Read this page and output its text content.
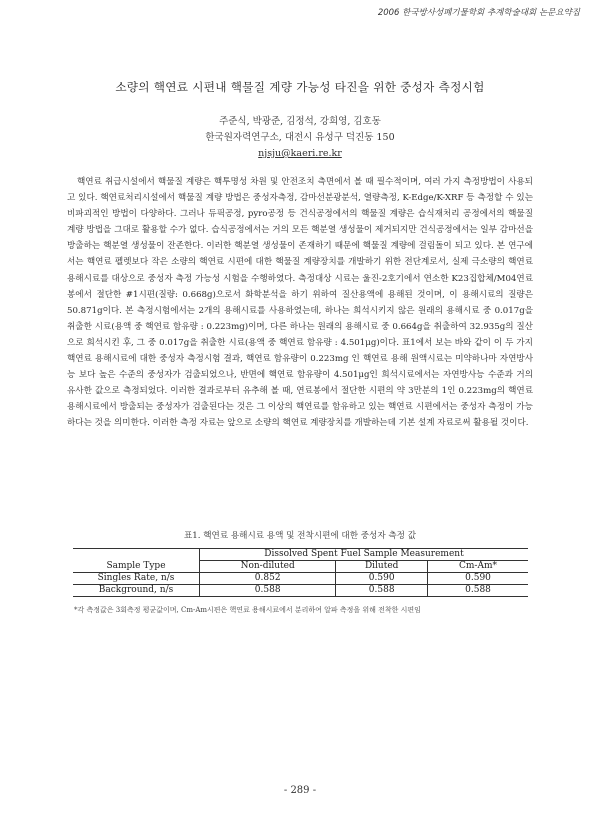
2006 한국방사성폐기물학회 추계학술대회 논문요약집
소량의 핵연료 시편내 핵물질 계량 가능성 타진을 위한 중성자 측정시험
주준식, 박광준, 김정석, 강희영, 김호동
한국원자력연구소, 대전시 유성구 덕진동 150
njsju@kaeri.re.kr

핵연료 취급시설에서 핵물질 계량은 핵투명성 차원 및 안전조치 측면에서 볼 때 필수적이며, 여러 가지 측정방법이 사용되고 있다. 핵연료처리시설에서 핵물질 계량 방법은 중성자측정, 감마선분광분석, 열량측정, K-Edge/K-XRF 등 측정할 수 있는 비파괴적인 방법이 다양하다. 그러나 듀픽공정, pyro공정 등 건식공정에서의 핵물질 계량은 습식재처리 공정에서의 핵물질 계량 방법을 그대로 활용할 수가 없다. 습식공정에서는 거의 모든 핵분열 생성물이 제거되지만 건식공정에서는 일부 감마선을 방출하는 핵분열 생성물이 잔존한다. 이러한 핵분열 생성물이 존재하기 때문에 핵물질 계량에 걸림돌이 되고 있다. 본 연구에서는 핵연료 펠렛보다 작은 소량의 핵연료 시편에 대한 핵물질 계량장치를 개발하기 위한 전단계로서, 실제 극소량의 핵연료 용해시료를 대상으로 중성자 측정 가능성 시험을 수행하였다. 측정대상 시료는 울진-2호기에서 연소한 K23집합체/M04연료봉에서 절단한 #1시편(질량: 0.668g)으로서 화학분석을 하기 위하여 질산용액에 용해된 것이며, 이 용해시료의 질량은 50.871g이다. 본 측정시험에서는 2개의 용해시료를 사용하였는데, 하나는 희석시키지 않은 원래의 용해시료 중 0.017g을 취출한 시료(용액 중 핵연료 함유량 : 0.223mg)이며, 다른 하나는 원래의 용해시료 중 0.664g을 취출하여 32.935g의 질산으로 희석시킨 후, 그 중 0.017g을 취출한 시료(용액 중 핵연료 함유량 : 4.501μg)이다. 표1에서 보는 바와 같이 이 두 가지 핵연료 용해시료에 대한 중성자 측정시험 결과, 핵연료 함유량이 0.223mg 인 핵연료 용해 원액시료는 미약하나마 자연방사능 보다 높은 수준의 중성자가 검출되었으나, 반면에 핵연료 함유량이 4.501μg인 희석시료에서는 자연방사능 수준과 거의 유사한 값으로 측정되었다. 이러한 결과로부터 유추해 볼 때, 연료봉에서 절단한 시편의 약 3만분의 1인 0.223mg의 핵연료 용해시료에서 방출되는 중성자가 검출된다는 것은 그 이상의 핵연료를 함유하고 있는 핵연료 시편에서는 중성자 측정이 가능하다는 것을 의미한다. 이러한 측정 자료는 앞으로 소량의 핵연료 계량장치를 개발하는데 기본 설계 자료로써 활용될 것이다.

표1. 핵연료 용해시료 용액 및 전착시편에 대한 중성자 측정 값
	Dissolved Spent Fuel Sample Measurement		
Sample Type	Non-diluted	Diluted	Cm-Am*
Singles Rate, n/s	0.852	0.590	0.590
Background, n/s	0.588	0.588	0.588
*각 측정값은 3회측정 평균값이며, Cm-Am시편은 핵연료 용해시료에서 분리하여 알파 측정을 위해 전착한 시편임
- 289 -
